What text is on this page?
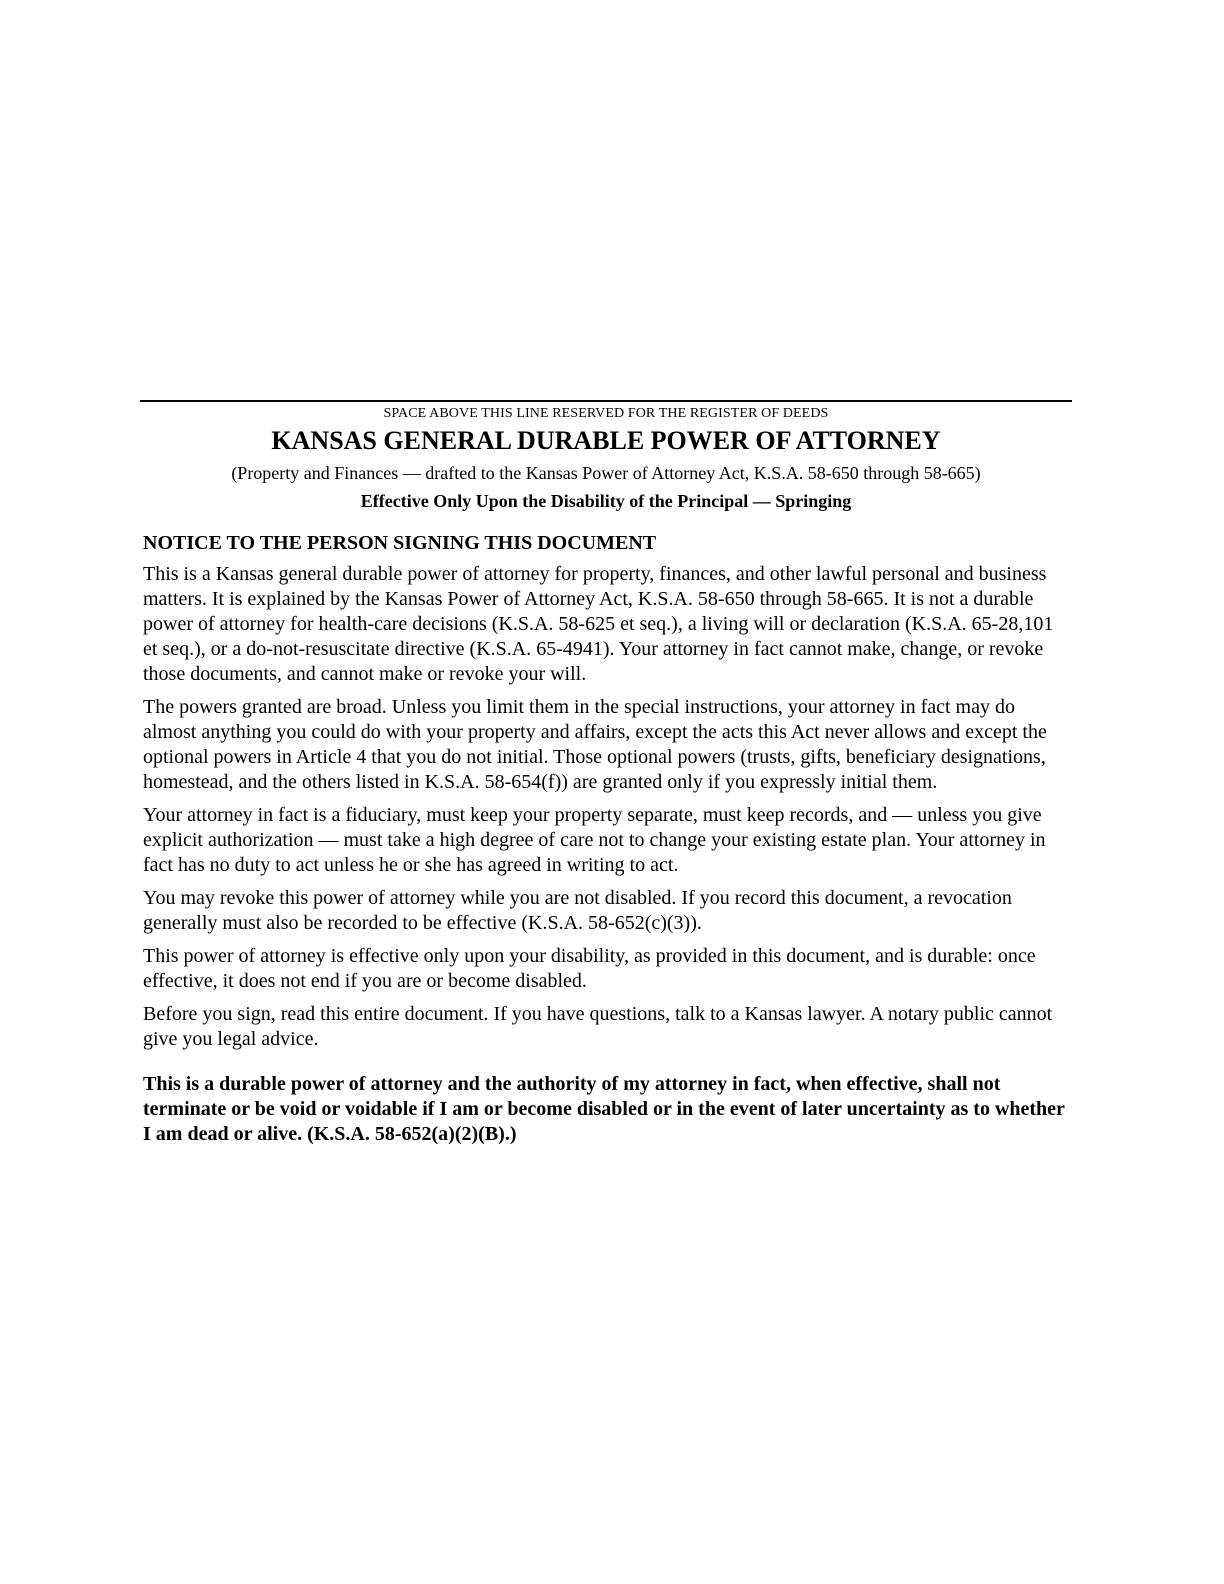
SPACE ABOVE THIS LINE RESERVED FOR THE REGISTER OF DEEDS
KANSAS GENERAL DURABLE POWER OF ATTORNEY
(Property and Finances — drafted to the Kansas Power of Attorney Act, K.S.A. 58-650 through 58-665)
Effective Only Upon the Disability of the Principal — Springing
NOTICE TO THE PERSON SIGNING THIS DOCUMENT

This is a Kansas general durable power of attorney for property, finances, and other lawful personal and business matters. It is explained by the Kansas Power of Attorney Act, K.S.A. 58-650 through 58-665. It is not a durable power of attorney for health-care decisions (K.S.A. 58-625 et seq.), a living will or declaration (K.S.A. 65-28,101 et seq.), or a do-not-resuscitate directive (K.S.A. 65-4941). Your attorney in fact cannot make, change, or revoke those documents, and cannot make or revoke your will.

The powers granted are broad. Unless you limit them in the special instructions, your attorney in fact may do almost anything you could do with your property and affairs, except the acts this Act never allows and except the optional powers in Article 4 that you do not initial. Those optional powers (trusts, gifts, beneficiary designations, homestead, and the others listed in K.S.A. 58-654(f)) are granted only if you expressly initial them.

Your attorney in fact is a fiduciary, must keep your property separate, must keep records, and — unless you give explicit authorization — must take a high degree of care not to change your existing estate plan. Your attorney in fact has no duty to act unless he or she has agreed in writing to act.

You may revoke this power of attorney while you are not disabled. If you record this document, a revocation generally must also be recorded to be effective (K.S.A. 58-652(c)(3)).

This power of attorney is effective only upon your disability, as provided in this document, and is durable: once effective, it does not end if you are or become disabled.

Before you sign, read this entire document. If you have questions, talk to a Kansas lawyer. A notary public cannot give you legal advice.

This is a durable power of attorney and the authority of my attorney in fact, when effective, shall not terminate or be void or voidable if I am or become disabled or in the event of later uncertainty as to whether I am dead or alive. (K.S.A. 58-652(a)(2)(B).)
